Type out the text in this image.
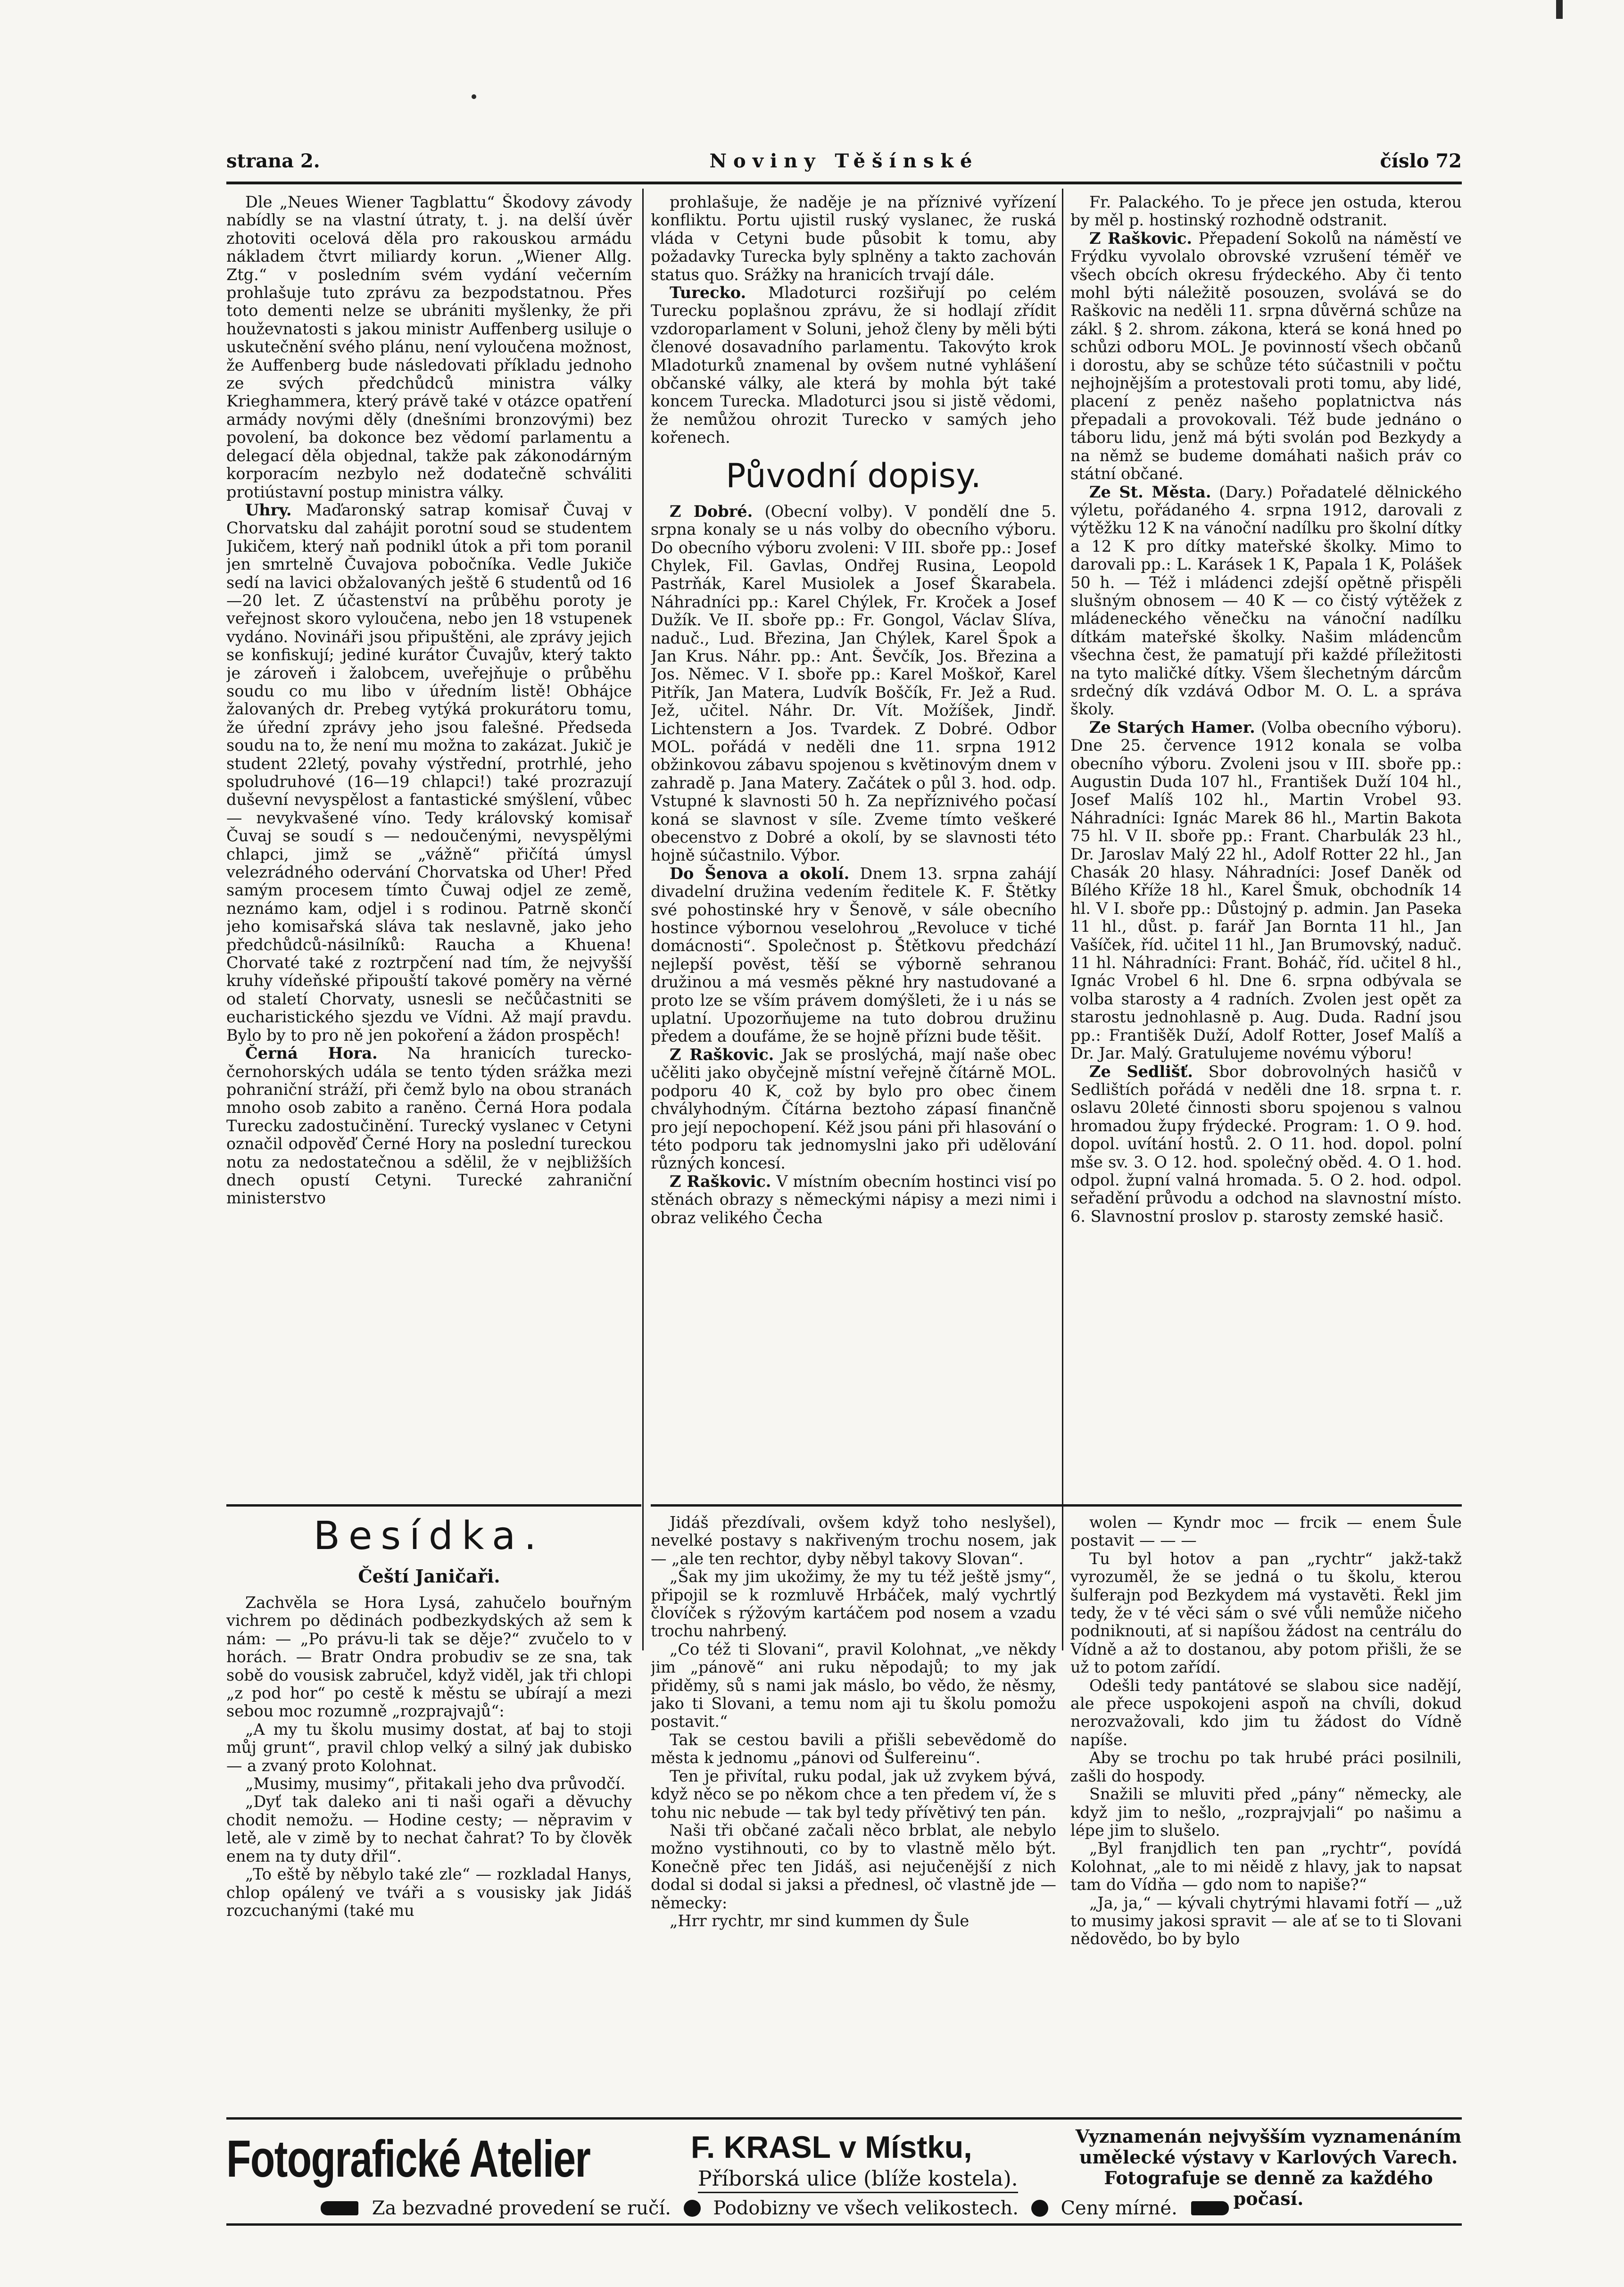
strana 2.	Noviny Těšínské	číslo 72

Dle „Neues Wiener Tagblattu“ Škodovy závody nabídly se na vlastní útraty, t. j. na delší úvěr zhotoviti ocelová děla pro rakouskou armádu nákladem čtvrt miliardy korun. „Wiener Allg. Ztg.“ v posledním svém vydání večerním prohlašuje tuto zprávu za bezpodstatnou. Přes toto dementi nelze se ubrániti myšlenky, že při houževnatosti s jakou ministr Auffenberg usiluje o uskutečnění svého plánu, není vyloučena možnost, že Auffenberg bude následovati příkladu jednoho ze svých předchůdců ministra války Krieghammera, který právě také v otázce opatření armády novými děly (dnešními bronzovými) bez povolení, ba dokonce bez vědomí parlamentu a delegací děla objednal, takže pak zákonodárným korporacím nezbylo než dodatečně schváliti protiústavní postup ministra války.

Uhry. Maďaronský satrap komisař Čuvaj v Chorvatsku dal zahájit porotní soud se studentem Jukičem, který naň podnikl útok a při tom poranil jen smrtelně Čuvajova pobočníka. Vedle Jukiče sedí na lavici obžalovaných ještě 6 studentů od 16—20 let. Z účastenství na průběhu poroty je veřejnost skoro vyloučena, nebo jen 18 vstupenek vydáno. Novináři jsou připuštěni, ale zprávy jejich se konfiskují; jediné kurátor Čuvajův, který takto je zároveň i žalobcem, uveřejňuje o průběhu soudu co mu libo v úředním listě! Obhájce žalovaných dr. Prebeg vytýká prokurátoru tomu, že úřední zprávy jeho jsou falešné. Předseda soudu na to, že není mu možna to zakázat. Jukič je student 22letý, povahy výstřední, protrhlé, jeho spoludruhové (16—19 chlapci!) také prozrazují duševní nevyspělost a fantastické smýšlení, vůbec — nevykvašené víno. Tedy královský komisař Čuvaj se soudí s — nedoučenými, nevyspělými chlapci, jimž se „vážně“ přičítá úmysl velezrádného odervání Chorvatska od Uher! Před samým procesem tímto Čuwaj odjel ze země, neznámo kam, odjel i s rodinou. Patrně skončí jeho komisařská sláva tak neslavně, jako jeho předchůdců-násilníků: Raucha a Khuena! Chorvaté také z roztrpčení nad tím, že nejvyšší kruhy vídeňské připouští takové poměry na věrné od staletí Chorvaty, usnesli se nečůčastniti se eucharistického sjezdu ve Vídni. Až mají pravdu. Bylo by to pro ně jen pokoření a žádon prospěch!

Černá Hora. Na hranicích turecko-černohorských udála se tento týden srážka mezi pohraniční stráží, při čemž bylo na obou stranách mnoho osob zabito a raněno. Černá Hora podala Turecku zadostučinění. Turecký vyslanec v Cetyni označil odpověď Černé Hory na poslední tureckou notu za nedostatečnou a sdělil, že v nejbližších dnech opustí Cetyni. Turecké zahraniční ministerstvo

prohlašuje, že naděje je na příznivé vyřízení konfliktu. Portu ujistil ruský vyslanec, že ruská vláda v Cetyni bude působit k tomu, aby požadavky Turecka byly splněny a takto zachován status quo. Srážky na hranicích trvají dále.

Turecko. Mladoturci rozšiřují po celém Turecku poplašnou zprávu, že si hodlají zřídit vzdoroparlament v Soluni, jehož členy by měli býti členové dosavadního parlamentu. Takovýto krok Mladoturků znamenal by ovšem nutné vyhlášení občanské války, ale která by mohla být také koncem Turecka. Mladoturci jsou si jistě vědomi, že nemůžou ohrozit Turecko v samých jeho kořenech.

Původní dopisy.

Z Dobré. (Obecní volby). V pondělí dne 5. srpna konaly se u nás volby do obecního výboru. Do obecního výboru zvoleni: V III. sboře pp.: Josef Chylek, Fil. Gavlas, Ondřej Rusina, Leopold Pastrňák, Karel Musiolek a Josef Škarabela. Náhradníci pp.: Karel Chýlek, Fr. Kroček a Josef Dužík. Ve II. sboře pp.: Fr. Gongol, Václav Slíva, naduč., Lud. Březina, Jan Chýlek, Karel Špok a Jan Krus. Náhr. pp.: Ant. Ševčík, Jos. Březina a Jos. Němec. V I. sboře pp.: Karel Moškoř, Karel Pitřík, Jan Matera, Ludvík Boščík, Fr. Jež a Rud. Jež, učitel. Náhr. Dr. Vít. Možíšek, Jindř. Lichtenstern a Jos. Tvardek. Z Dobré. Odbor MOL. pořádá v neděli dne 11. srpna 1912 obžinkovou zábavu spojenou s květinovým dnem v zahradě p. Jana Matery. Začátek o půl 3. hod. odp. Vstupné k slavnosti 50 h. Za nepříznivého počasí koná se slavnost v síle. Zveme tímto veškeré obecenstvo z Dobré a okolí, by se slavnosti této hojně súčastnilo. Výbor.

Do Šenova a okolí. Dnem 13. srpna zahájí divadelní družina vedením ředitele K. F. Štětky své pohostinské hry v Šenově, v sále obecního hostince výbornou veselohrou „Revoluce v tiché domácnosti“. Společnost p. Štětkovu předchází nejlepší pověst, těší se výborně sehranou družinou a má vesměs pěkné hry nastudované a proto lze se vším právem domýšleti, že i u nás se uplatní. Upozorňujeme na tuto dobrou družinu předem a doufáme, že se hojně přízni bude těšit.

Z Raškovic. Jak se proslýchá, mají naše obec učěliti jako obyčejně místní veřejně čítárně MOL. podporu 40 K, což by bylo pro obec činem chvályhodným. Čítárna beztoho zápasí finančně pro její nepochopení. Kéž jsou páni při hlasování o této podporu tak jednomyslni jako při udělování různých koncesí.

Z Raškovic. V místním obecním hostinci visí po stěnách obrazy s německými nápisy a mezi nimi i obraz velikého Čecha

Fr. Palackého. To je přece jen ostuda, kterou by měl p. hostinský rozhodně odstranit.

Z Raškovic. Přepadení Sokolů na náměstí ve Frýdku vyvolalo obrovské vzrušení téměř ve všech obcích okresu frýdeckého. Aby či tento mohl býti náležitě posouzen, svolává se do Raškovic na neděli 11. srpna důvěrná schůze na zákl. § 2. shrom. zákona, která se koná hned po schůzi odboru MOL. Je povinností všech občanů i dorostu, aby se schůze této súčastnili v počtu nejhojnějším a protestovali proti tomu, aby lidé, placení z peněz našeho poplatnictva nás přepadali a provokovali. Též bude jednáno o táboru lidu, jenž má býti svolán pod Bezkydy a na němž se budeme domáhati našich práv co státní občané.

Ze St. Města. (Dary.) Pořadatelé dělnického výletu, pořádaného 4. srpna 1912, darovali z výtěžku 12 K na vánoční nadílku pro školní dítky a 12 K pro dítky mateřské školky. Mimo to darovali pp.: L. Karásek 1 K, Papala 1 K, Polášek 50 h. — Též i mládenci zdejší opětně přispěli slušným obnosem — 40 K — co čistý výtěžek z mládeneckého věnečku na vánoční nadílku dítkám mateřské školky. Našim mládencům všechna čest, že pamatují při každé příležitosti na tyto maličké dítky. Všem šlechetným dárcům srdečný dík vzdává Odbor M. O. L. a správa školy.

Ze Starých Hamer. (Volba obecního výboru). Dne 25. července 1912 konala se volba obecního výboru. Zvoleni jsou v III. sboře pp.: Augustin Duda 107 hl., František Duží 104 hl., Josef Malíš 102 hl., Martin Vrobel 93. Náhradníci: Ignác Marek 86 hl., Martin Bakota 75 hl. V II. sboře pp.: Frant. Charbulák 23 hl., Dr. Jaroslav Malý 22 hl., Adolf Rotter 22 hl., Jan Chasák 20 hlasy. Náhradníci: Josef Daněk od Bílého Kříže 18 hl., Karel Šmuk, obchodník 14 hl. V I. sboře pp.: Důstojný p. admin. Jan Paseka 11 hl., důst. p. farář Jan Bornta 11 hl., Jan Vašíček, říd. učitel 11 hl., Jan Brumovský, naduč. 11 hl. Náhradníci: Frant. Boháč, říd. učitel 8 hl., Ignác Vrobel 6 hl. Dne 6. srpna odbývala se volba starosty a 4 radních. Zvolen jest opět za starostu jednohlasně p. Aug. Duda. Radní jsou pp.: Františěk Duží, Adolf Rotter, Josef Malíš a Dr. Jar. Malý. Gratulujeme novému výboru!

Ze Sedlišť. Sbor dobrovolných hasičů v Sedlištích pořádá v neděli dne 18. srpna t. r. oslavu 20leté činnosti sboru spojenou s valnou hromadou župy frýdecké. Program: 1. O 9. hod. dopol. uvítání hostů. 2. O 11. hod. dopol. polní mše sv. 3. O 12. hod. společný oběd. 4. O 1. hod. odpol. župní valná hromada. 5. O 2. hod. odpol. seřadění průvodu a odchod na slavnostní místo. 6. Slavnostní proslov p. starosty zemské hasič.

Besídka.
Čeští Janičaři.

Zachvěla se Hora Lysá, zahučelo bouřným vichrem po dědinách podbezkydských až sem k nám: — „Po právu-li tak se děje?“ zvučelo to v horách. — Bratr Ondra probudiv se ze sna, tak sobě do vousisk zabručel, když viděl, jak tři chlopi „z pod hor“ po cestě k městu se ubírají a mezi sebou moc rozumně „rozprajvajů“:

„A my tu školu musimy dostat, ať baj to stoji můj grunt“, pravil chlop velký a silný jak dubisko — a zvaný proto Kolohnat.

„Musimy, musimy“, přitakali jeho dva průvodčí.

„Dyť tak daleko ani ti naši ogaři a děvuchy chodit nemožu. — Hodine cesty; — něpravim v letě, ale v zimě by to nechat čahrat? To by člověk enem na ty duty dřil“.

„To eště by něbylo také zle“ — rozkladal Hanys, chlop opálený ve tváři a s vousisky jak Jidáš rozcuchanými (také mu

Jidáš přezdívali, ovšem když toho neslyšel), nevelké postavy s nakřiveným trochu nosem, jak — „ale ten rechtor, dyby něbyl takovy Slovan“.

„Šak my jim ukožimy, že my tu též ještě jsmy“, připojil se k rozmluvě Hrbáček, malý vychrtlý človíček s rýžovým kartáčem pod nosem a vzadu trochu nahrbený.

„Co též ti Slovani“, pravil Kolohnat, „ve někdy jim „pánově“ ani ruku něpodajů; to my jak přiděmy, sů s nami jak máslo, bo vědo, že něsmy, jako ti Slovani, a temu nom aji tu školu pomožu postavit.“

Tak se cestou bavili a přišli sebevědomě do města k jednomu „pánovi od Šulfereinu“.

Ten je přivítal, ruku podal, jak už zvykem bývá, když něco se po někom chce a ten předem ví, že s tohu nic nebude — tak byl tedy přívětivý ten pán.

Naši tři občané začali něco brblat, ale nebylo možno vystihnouti, co by to vlastně mělo být. Konečně přec ten Jidáš, asi nejučenější z nich dodal si dodal si jaksi a přednesl, oč vlastně jde — německy:

„Hrr rychtr, mr sind kummen dy Šule

wolen — Kyndr moc — frcik — enem Šule postavit — — —

Tu byl hotov a pan „rychtr“ jakž-takž vyrozuměl, že se jedná o tu školu, kterou šulferajn pod Bezkydem má vystavěti. Řekl jim tedy, že v té věci sám o své vůli nemůže ničeho podniknouti, ať si napíšou žádost na centrálu do Vídně a až to dostanou, aby potom přišli, že se už to potom zařídí.

Odešli tedy pantátové se slabou sice nadějí, ale přece uspokojeni aspoň na chvíli, dokud nerozvažovali, kdo jim tu žádost do Vídně napíše.

Aby se trochu po tak hrubé práci posilnili, zašli do hospody.

Snažili se mluviti před „pány“ německy, ale když jim to nešlo, „rozprajvjali“ po našimu a lépe jim to slušelo.

„Byl franjdlich ten pan „rychtr“, povídá Kolohnat, „ale to mi něidě z hlavy, jak to napsat tam do Vídňa — gdo nom to napiše?“

„Ja, ja,“ — kývali chytrými hlavami fotří — „už to musimy jakosi spravit — ale ať se to ti Slovani nědovědo, bo by bylo

Fotografické Atelier	F. KRASL v Místku,
Příborská ulice (blíže kostela).
Vyznamenán nejvyšším vyznamenáním
umělecké výstavy v Karlových Varech.
Fotografuje se denně za každého počasí.
Za bezvadné provedení se ručí. Podobizny ve všech velikostech. Ceny mírné.
